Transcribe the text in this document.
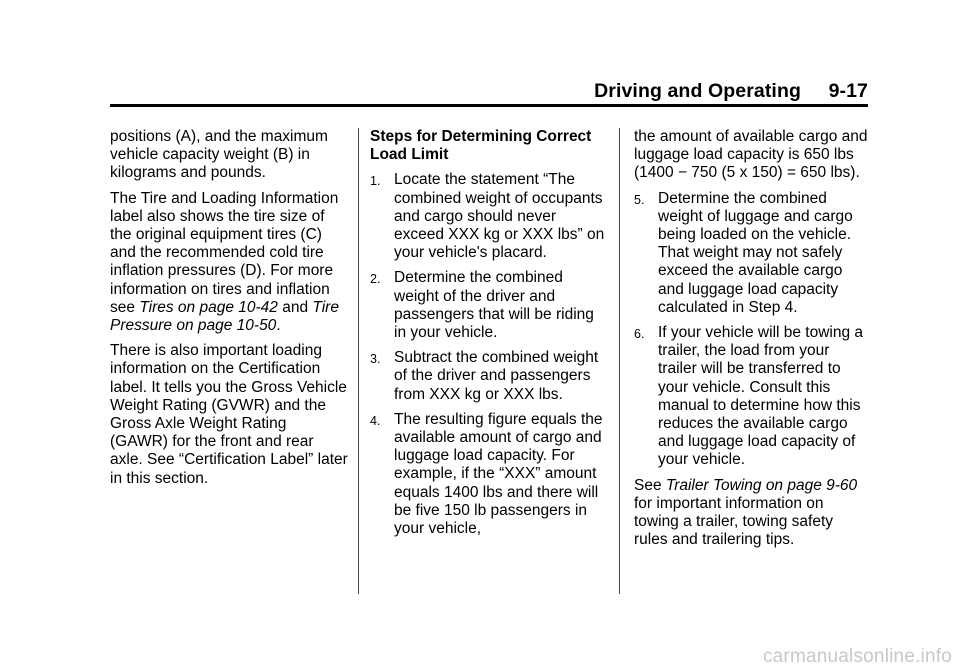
Driving and Operating 9-17

positions (A), and the maximum vehicle capacity weight (B) in kilograms and pounds.

The Tire and Loading Information label also shows the tire size of the original equipment tires (C) and the recommended cold tire inflation pressures (D). For more information on tires and inflation see Tires on page 10-42 and Tire Pressure on page 10-50.

There is also important loading information on the Certification label. It tells you the Gross Vehicle Weight Rating (GVWR) and the Gross Axle Weight Rating (GAWR) for the front and rear axle. See “Certification Label” later in this section.

Steps for Determining Correct Load Limit

1. Locate the statement “The combined weight of occupants and cargo should never exceed XXX kg or XXX lbs” on your vehicle's placard.
2. Determine the combined weight of the driver and passengers that will be riding in your vehicle.
3. Subtract the combined weight of the driver and passengers from XXX kg or XXX lbs.
4. The resulting figure equals the available amount of cargo and luggage load capacity. For example, if the “XXX” amount equals 1400 lbs and there will be five 150 lb passengers in your vehicle,

the amount of available cargo and luggage load capacity is 650 lbs (1400 − 750 (5 x 150) = 650 lbs).

5. Determine the combined weight of luggage and cargo being loaded on the vehicle. That weight may not safely exceed the available cargo and luggage load capacity calculated in Step 4.
6. If your vehicle will be towing a trailer, the load from your trailer will be transferred to your vehicle. Consult this manual to determine how this reduces the available cargo and luggage load capacity of your vehicle.

See Trailer Towing on page 9-60 for important information on towing a trailer, towing safety rules and trailering tips.

carmanualsonline.info
